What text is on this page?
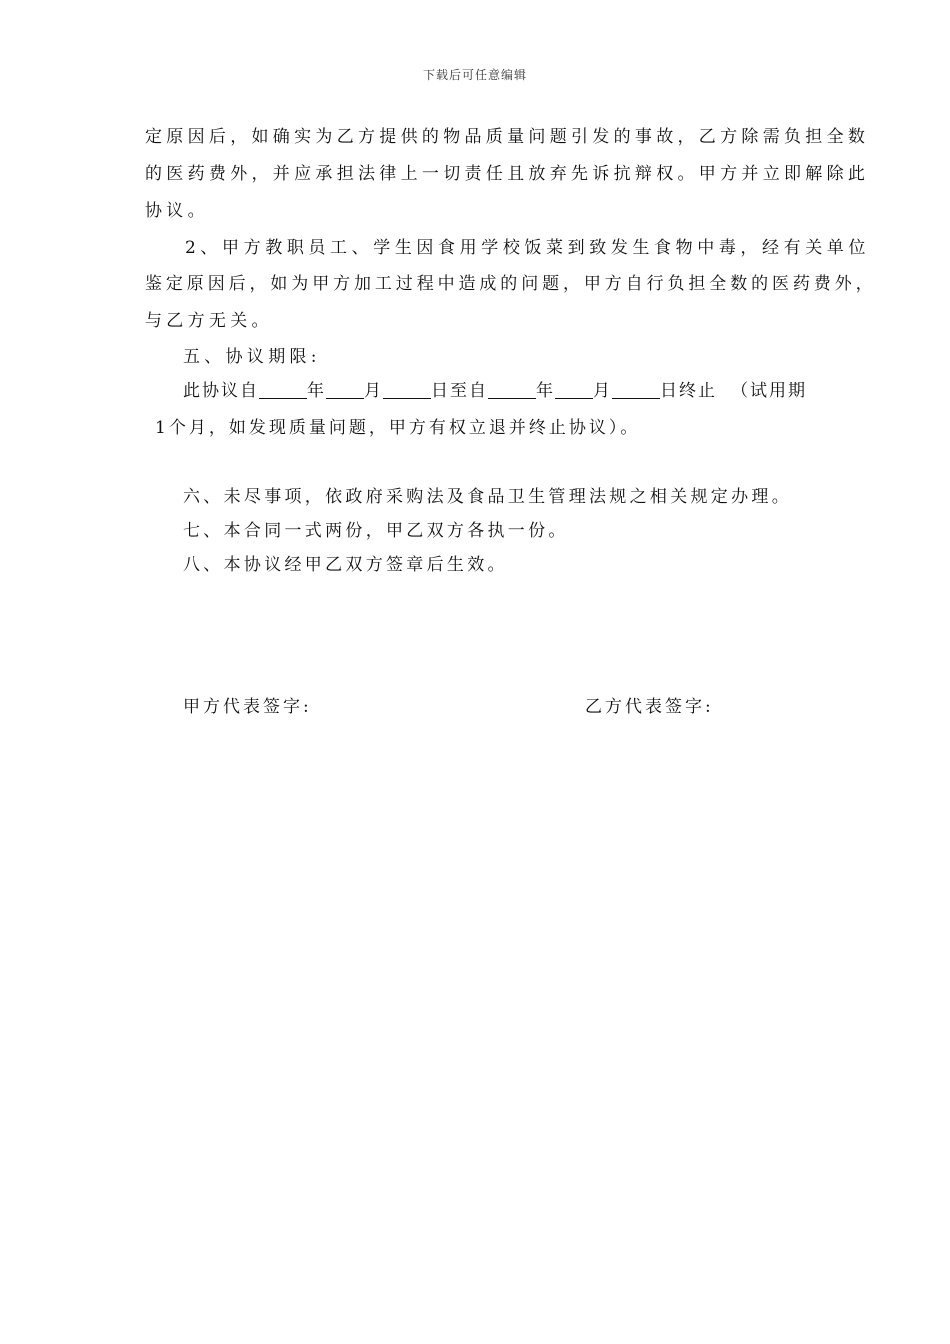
下载后可任意编辑
定原因后，如确实为乙方提供的物品质量问题引发的事故，乙方除需负担全数
的医药费外，并应承担法律上一切责任且放弃先诉抗辩权。甲方并立即解除此
协议。
2、甲方教职员工、学生因食用学校饭菜到致发生食物中毒，经有关单位
鉴定原因后，如为甲方加工过程中造成的问题，甲方自行负担全数的医药费外，
与乙方无关。
五、协议期限:
此协议自	年 月	日至自	年 月	日终止 （试用期
1个月，如发现质量问题，甲方有权立退并终止协议）。
六、未尽事项，依政府采购法及食品卫生管理法规之相关规定办理。
七、本合同一式两份，甲乙双方各执一份。
八、本协议经甲乙双方签章后生效。
甲方代表签字:	乙方代表签字:
